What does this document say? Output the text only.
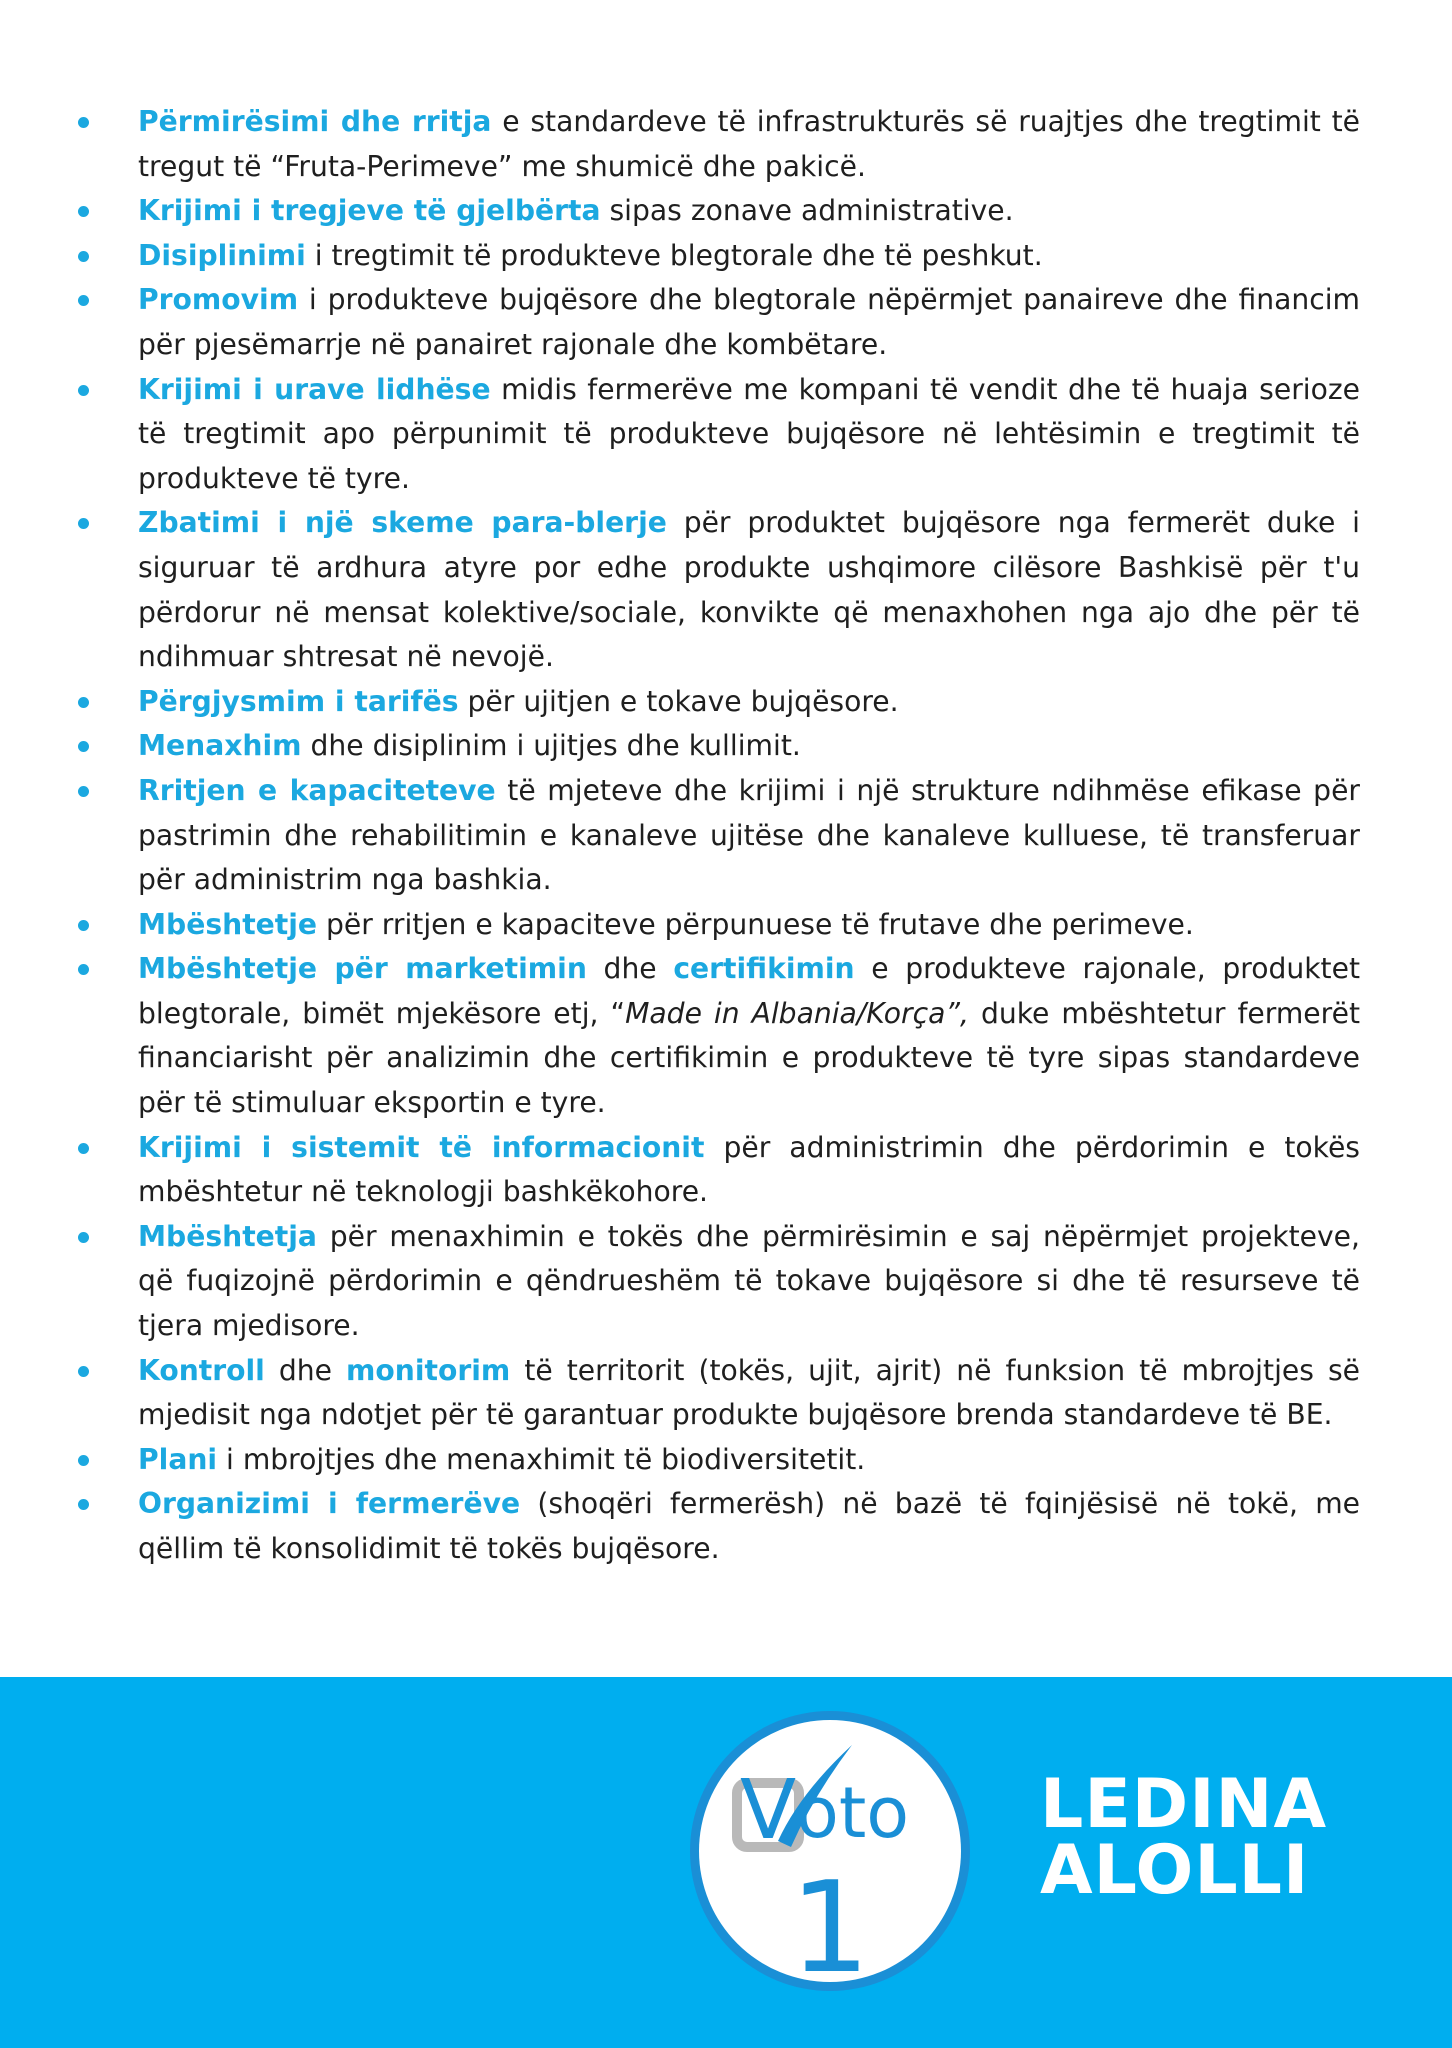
Përmirësimi dhe rritja e standardeve të infrastrukturës së ruajtjes dhe tregtimit të tregut të “Fruta-Perimeve” me shumicë dhe pakicë.
Krijimi i tregjeve të gjelbërta sipas zonave administrative.
Disiplinimi i tregtimit të produkteve blegtorale dhe të peshkut.
Promovim i produkteve bujqësore dhe blegtorale nëpërmjet panaireve dhe financim për pjesëmarrje në panairet rajonale dhe kombëtare.
Krijimi i urave lidhëse midis fermerëve me kompani të vendit dhe të huaja serioze të tregtimit apo përpunimit të produkteve bujqësore në lehtësimin e tregtimit të produkteve të tyre.
Zbatimi i një skeme para-blerje për produktet bujqësore nga fermerët duke i siguruar të ardhura atyre por edhe produkte ushqimore cilësore Bashkisë për t'u përdorur në mensat kolektive/sociale, konvikte që menaxhohen nga ajo dhe për të ndihmuar shtresat në nevojë.
Përgjysmim i tarifës për ujitjen e tokave bujqësore.
Menaxhim dhe disiplinim i ujitjes dhe kullimit.
Rritjen e kapaciteteve të mjeteve dhe krijimi i një strukture ndihmëse efikase për pastrimin dhe rehabilitimin e kanaleve ujitëse dhe kanaleve kulluese, të transferuar për administrim nga bashkia.
Mbështetje për rritjen e kapaciteve përpunuese të frutave dhe perimeve.
Mbështetje për marketimin dhe certifikimin e produkteve rajonale, produktet blegtorale, bimët mjekësore etj, “Made in Albania/Korça”, duke mbështetur fermerët financiarisht për analizimin dhe certifikimin e produkteve të tyre sipas standardeve për të stimuluar eksportin e tyre.
Krijimi i sistemit të informacionit për administrimin dhe përdorimin e tokës mbështetur në teknologji bashkëkohore.
Mbështetja për menaxhimin e tokës dhe përmirësimin e saj nëpërmjet projekteve, që fuqizojnë përdorimin e qëndrueshëm të tokave bujqësore si dhe të resurseve të tjera mjedisore.
Kontroll dhe monitorim të territorit (tokës, ujit, ajrit) në funksion të mbrojtjes së mjedisit nga ndotjet për të garantuar produkte bujqësore brenda standardeve të BE.
Plani i mbrojtjes dhe menaxhimit të biodiversitetit.
Organizimi i fermerëve (shoqëri fermerësh) në bazë të fqinjësisë në tokë, me qëllim të konsolidimit të tokës bujqësore.
V oto
1
LEDINA
ALOLLI
